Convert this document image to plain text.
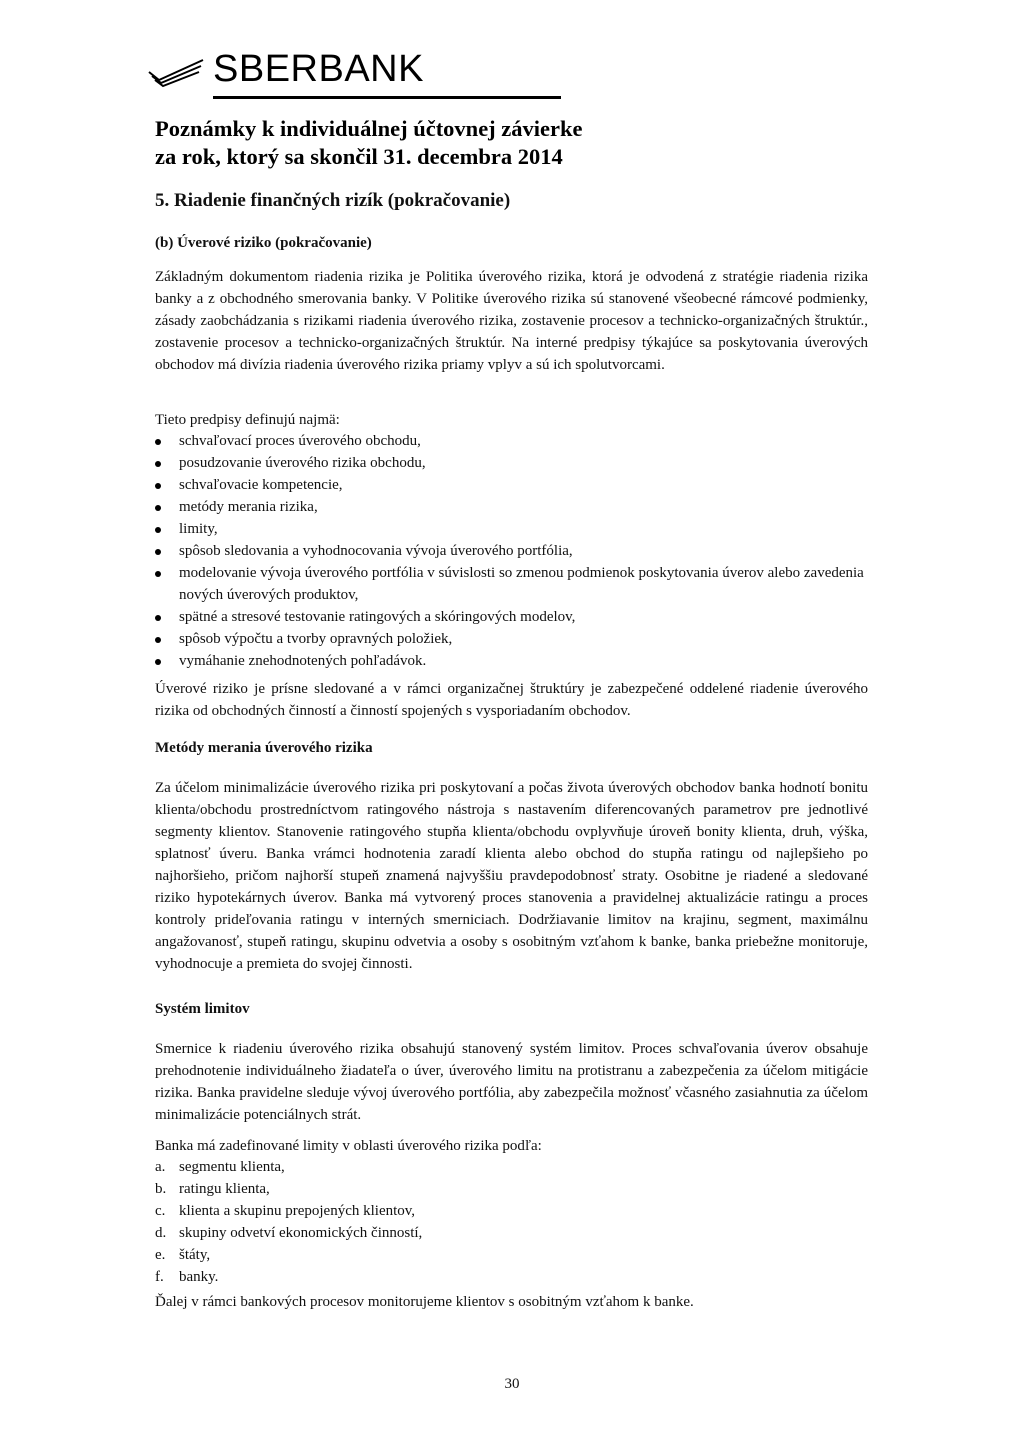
SBERBANK
Poznámky k individuálnej účtovnej závierke
za rok, ktorý sa skončil 31. decembra 2014
5. Riadenie finančných rizík (pokračovanie)
(b) Úverové riziko (pokračovanie)
Základným dokumentom riadenia rizika je Politika úverového rizika, ktorá je odvodená z stratégie riadenia rizika banky a z obchodného smerovania banky. V Politike úverového rizika sú stanovené všeobecné rámcové podmienky, zásady zaobchádzania s rizikami riadenia úverového rizika, zostavenie procesov a technicko-organizačných štruktúr., zostavenie procesov a technicko-organizačných štruktúr. Na interné predpisy týkajúce sa poskytovania úverových obchodov má divízia riadenia úverového rizika priamy vplyv a sú ich spolutvorcami.
Tieto predpisy definujú najmä:
schvaľovací proces úverového obchodu,
posudzovanie úverového rizika obchodu,
schvaľovacie kompetencie,
metódy merania rizika,
limity,
spôsob sledovania a vyhodnocovania vývoja úverového portfólia,
modelovanie vývoja úverového portfólia v súvislosti so zmenou podmienok poskytovania úverov alebo zavedenia nových úverových produktov,
spätné a stresové testovanie ratingových a skóringových modelov,
spôsob výpočtu a tvorby opravných položiek,
vymáhanie znehodnotených pohľadávok.
Úverové riziko je prísne sledované a v rámci organizačnej štruktúry je zabezpečené oddelené riadenie úverového rizika od obchodných činností a činností spojených s vysporiadaním obchodov.
Metódy merania úverového rizika
Za účelom minimalizácie úverového rizika pri poskytovaní a počas života úverových obchodov banka hodnotí bonitu klienta/obchodu prostredníctvom ratingového nástroja s nastavením diferencovaných parametrov pre jednotlivé segmenty klientov. Stanovenie ratingového stupňa klienta/obchodu ovplyvňuje úroveň bonity klienta, druh, výška, splatnosť úveru. Banka vrámci hodnotenia zaradí klienta alebo obchod do stupňa ratingu od najlepšieho po najhoršieho, pričom najhorší stupeň znamená najvyššiu pravdepodobnosť straty. Osobitne je riadené a sledované riziko hypotekárnych úverov. Banka má vytvorený proces stanovenia a pravidelnej aktualizácie ratingu a proces kontroly prideľovania ratingu v interných smerniciach. Dodržiavanie limitov na krajinu, segment, maximálnu angažovanosť, stupeň ratingu, skupinu odvetvia a osoby s osobitným vzťahom k banke, banka priebežne monitoruje, vyhodnocuje a premieta do svojej činnosti.
Systém limitov
Smernice k riadeniu úverového rizika obsahujú stanovený systém limitov. Proces schvaľovania úverov obsahuje prehodnotenie individuálneho žiadateľa o úver, úverového limitu na protistranu a zabezpečenia za účelom mitigácie rizika. Banka pravidelne sleduje vývoj úverového portfólia, aby zabezpečila možnosť včasného zasiahnutia za účelom minimalizácie potenciálnych strát.
Banka má zadefinované limity v oblasti úverového rizika podľa:
a. segmentu klienta,
b. ratingu klienta,
c. klienta a skupinu prepojených klientov,
d. skupiny odvetví ekonomických činností,
e. štáty,
f. banky.
Ďalej v rámci bankových procesov monitorujeme klientov s osobitným vzťahom k banke.
30
